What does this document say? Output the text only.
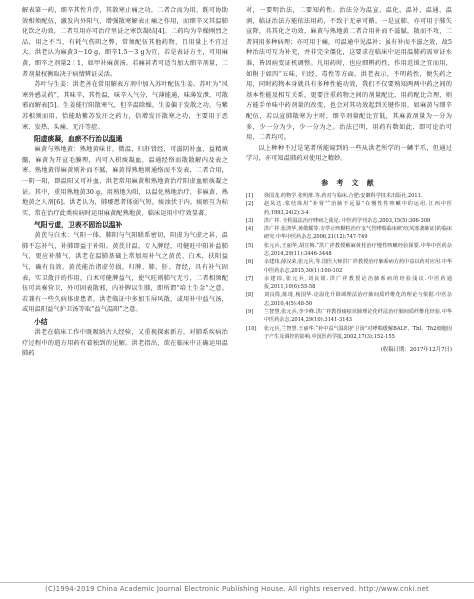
解表第一药，细辛其性升浮，其散寒止痛之功，二者合而为用，既可协助效相须配伍，激发内外阳气，增强散寒解表止痛之作用，而细辛又其温肺化饮之功效，二者互用亦可治疗里证之寒饮凝结[4]。二药均为辛燥刚烈之品，用之不当，有耗气伤阴之弊，常须配伍其他药物，且用量上不宜过大。洪老认为麻黄3～10 g，细辛1.5～3 g为宜，若是表证方主，可用麻黄，细辛之剂量2∶1，如甲补麻黄汤，若痛甚者可适当加大细辛剂量，二者剂量权衡取决于病情辨证灵活。

苏叶与生姜：洪老善在常用解表方剂中加入苏叶配伍生姜。苏叶为“风寒外感灵药”，其味辛，其性温，味辛入气分，气薄能通，味薄发泄，可散邪而解表[5]。生姜能行阳散寒气，但辛温除燥，生姜偏于发散之功，与紫苏相须而用，恰能助紫苏发汗之药力，倍增发汗散寒之功，主要用于恶寒、发热、头痛、无汗等症。

阳虚痰凝，血瘀不行治以温通

麻黄与熟地黄：熟地黄味甘，微温，归肝肾经，可滋阴补血、益精填髓，麻黄为开宣毛腠理，内可入积痰凝血，温通经络而散散解内及表之寒。熟地黄得麻黄则补而不腻，麻黄得熟地则通络而不发表，二者合用，一阴一阳，即温阳又可补血，洪老常用麻黄和熟地黄治疗阳虚血瘀痰凝之证。其中，重用熟地黄30 g，用熟地为阳，以温化熟地治疗，非麻黄、熟地黄之人剂[6]。洪老认为，肺痿患者体弱气短，痰浊伏于内，痰瘀互为标实，常在治疗此类疾病时运用麻黄配熟地黄，临床运用中疗效显著。

气阳亏虚，卫表不固治以温补

黄芪与白术：气阳一体，肺阳与气阳联系密切，阳虚为气虚之甚，温肺不忘补气，补肺即益于补阳。黄芪甘温，专入脾经，可健旺中阳补益肺气，更应补肺气，洪老在温肺基础上常加用补气之黄芪、白术，扶阳益气，确有良效。黄芪能治诸虚劳损，归脾、肺、肝、肾经，具有补气固表，实卫敛汗的作用，白术可健脾益气，使气旺则肺气无亏，二者相须配伍可共奏营卫，外可固表散邪，内补脾以生肺，即所谓“培土生金”之意。若兼有一些久病体虚患者，洪老临证中多加玉屏风散，或用补中益气汤，或用温阳益气护卫汤等取“益气温阳”之意。

小结

洪老在临床工作中既吸纳古人经验，又重视探索新方，对肺系疾病治疗过程中的遣方用药有着独到的见解。洪老指出，欲在临床中正确运用温肺药

对，一要明治法，二要知药性。治法分为温宣、温化、温补、温通、温润，临证治法方能依法用药，不致于无章可循。一是宣肺，亦可用于肺失宣降，具其化之功效，麻黄与熟地黄二者合用补而不滋腻，散而不攻，二者同用多种病理；亦可用于痛，可温通中见温补；虽有补而不滋之效，故5种治法可互为补充，并非完全僵化，这要求在临床中运用温肺药需审证水准，皆因病变证机调整。凡用药时，也应细辨药性，作用范围之宜而用，如附于如四“五味、归经、毒性等方面。洪老表示，不明药性，便失药之用，同时药物本身就具有多种性能功效，我们不仅要熟知两两中药之间的基本性能及相互关系，更要注重药物之间的剂量配比，用药配比合理，则方能手单味中药剂量的改变，也会对其功效起到关键作用，如麻黄与细辛配伍，若以宣肺散寒为主时，细辛剂量配比宜低，其麻黄剂量为一分为多，少一分为少，少一分为之。治法已明，用药有数如此，即可论治可用，二者均可。

以上种种不过是笔者所能窥到的一些从洪老所学的一鳞半爪，但通过学习，亦可知温肺药对使用之精妙。

参 考 文 献
[1] 徐国龙.药物学.张明淮.等.药对与临床.合肥:安徽科学技术出版社,2011.
[2] 赵凤达.浆结体用“补肾”“治肺不远温”在慢性性咳嗽中的运用.江西中医药,1993,24(2):3-4
[3] 洪广祥. 全程温法治疗哮病之我见. 中医药学刊杂志,2003,15(5):306-308
[4] 洪广祥.张鸿华,黄敬耀等.专葶止咳颗粒治疗支气管哮喘临床研究(风寒袭肺证)的临床研究.中华中医药杂志,2006,21(12):747-749
[5] 张元兵,王丽华,胡宣梅.“洪广祥教授解麻黄桂治疗慢性咳嗽经验探要.中华中医药杂志,2014,29(11):3446-3448
[6] 余建玮,薛汉荣,张元兵,等.国医大师洪广祥教授治疗肺系病方药中益以药对应用.中华中医药杂志,2015,30(1):100-102
[7] 余建玮,张元兵,刘良徛.洪广祥教授论治肺系病的经验浅议.中医药通报,2011,10(6):55-58
[8] 刘良徛,陈琦,杨国华.论温化升降调理法治疗肺间质纤维化的理论与依据.中医杂志,2010,4(5):48-50
[9] 兰智慧,张元兵,李少峰.洪广祥教授痰瘀伏肺理论化纤法治疗肺间质纤维化经验.中华中医药杂志,2014,29(10):3141-3143
[10] 张元兵,兰智慧.王丽华.“补中益气温阳护卫汤”对哮喘缓解BALF、TbI、Th2细胞因子产生及调控的影响.中国医药学报,2002,17(3):152-155
(收稿日期：2017年12月7日)
(C)1994-2019 China Academic Journal Electronic Publishing House. All rights reserved. http://www.cnki.net
